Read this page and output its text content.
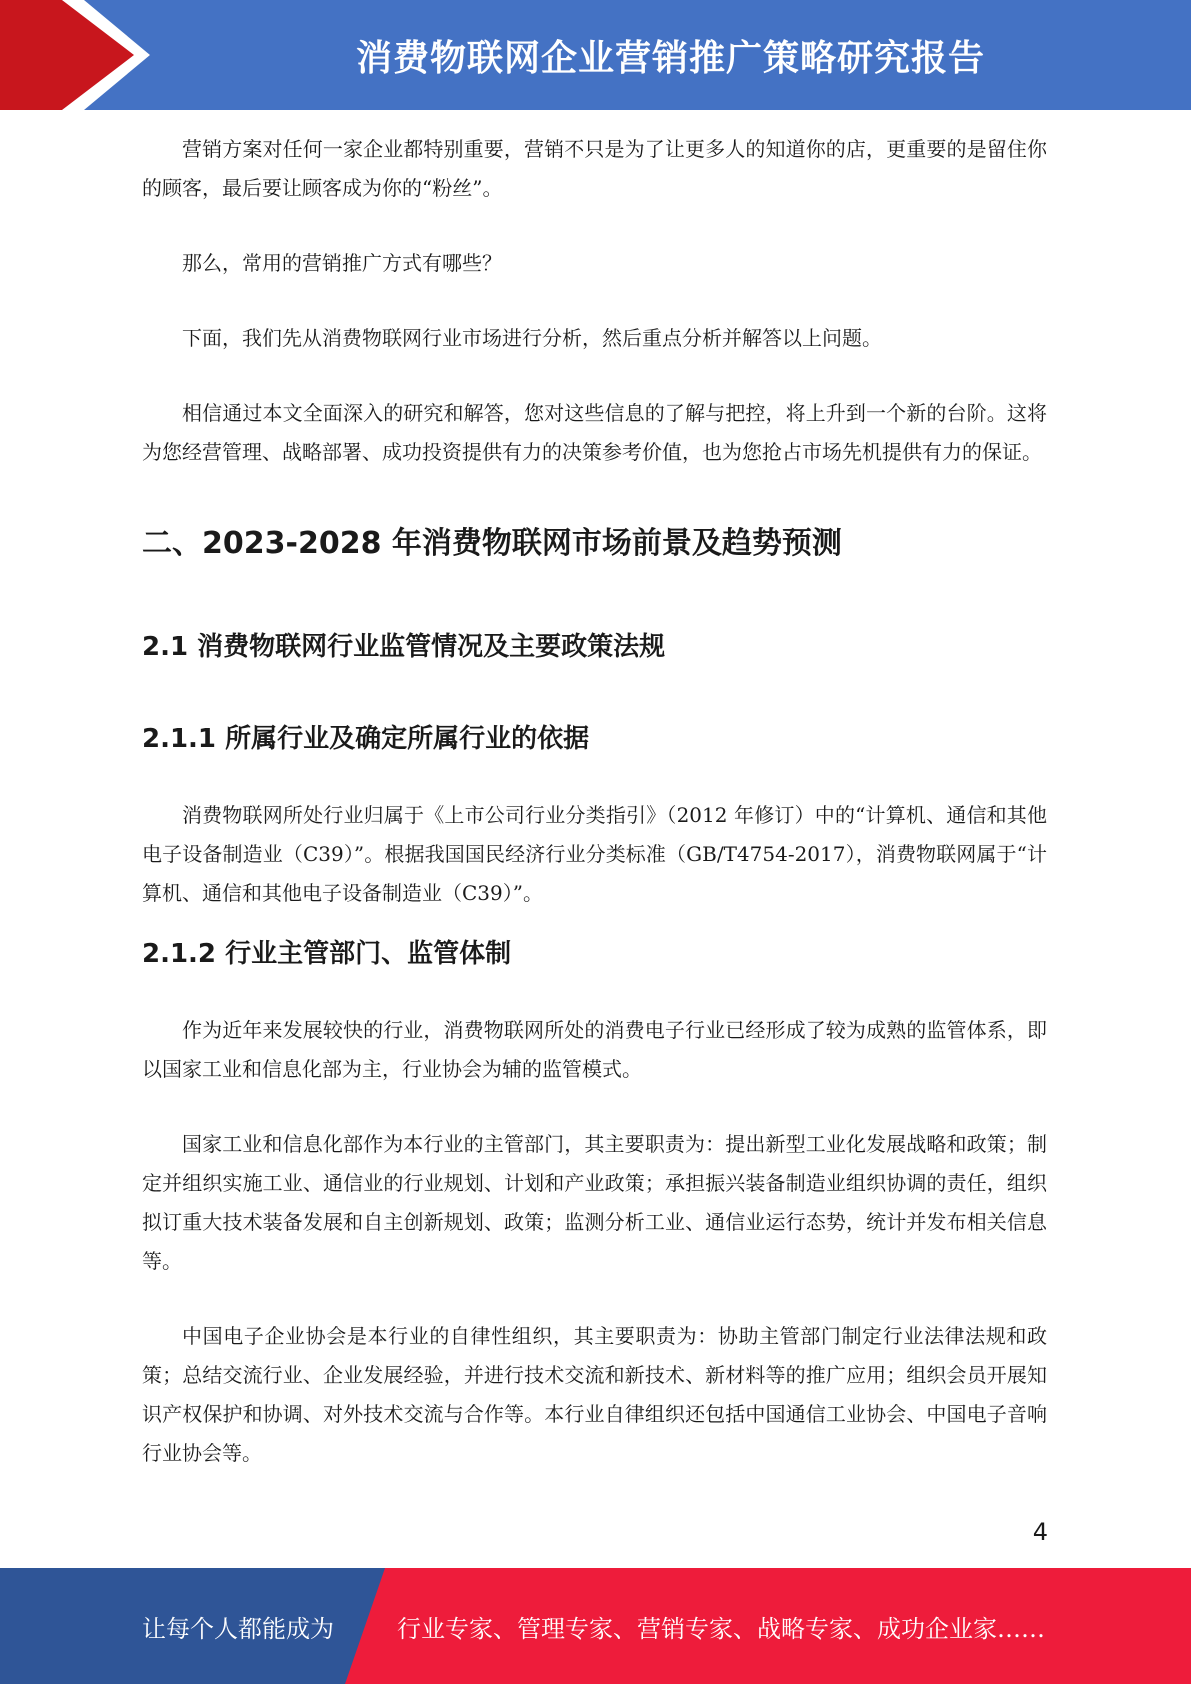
消费物联网企业营销推广策略研究报告

营销方案对任何一家企业都特别重要，营销不只是为了让更多人的知道你的店，更重要的是留住你的顾客，最后要让顾客成为你的“粉丝”。

那么，常用的营销推广方式有哪些？

下面，我们先从消费物联网行业市场进行分析，然后重点分析并解答以上问题。

相信通过本文全面深入的研究和解答，您对这些信息的了解与把控，将上升到一个新的台阶。这将为您经营管理、战略部署、成功投资提供有力的决策参考价值，也为您抢占市场先机提供有力的保证。

二、2023-2028 年消费物联网市场前景及趋势预测
2.1 消费物联网行业监管情况及主要政策法规
2.1.1 所属行业及确定所属行业的依据

消费物联网所处行业归属于《上市公司行业分类指引》（2012 年修订）中的“计算机、通信和其他电子设备制造业（C39）”。根据我国国民经济行业分类标准（GB/T4754-2017），消费物联网属于“计算机、通信和其他电子设备制造业（C39）”。

2.1.2 行业主管部门、监管体制

作为近年来发展较快的行业，消费物联网所处的消费电子行业已经形成了较为成熟的监管体系，即以国家工业和信息化部为主，行业协会为辅的监管模式。

国家工业和信息化部作为本行业的主管部门，其主要职责为：提出新型工业化发展战略和政策；制定并组织实施工业、通信业的行业规划、计划和产业政策；承担振兴装备制造业组织协调的责任，组织拟订重大技术装备发展和自主创新规划、政策；监测分析工业、通信业运行态势，统计并发布相关信息等。

中国电子企业协会是本行业的自律性组织，其主要职责为：协助主管部门制定行业法律法规和政策；总结交流行业、企业发展经验，并进行技术交流和新技术、新材料等的推广应用；组织会员开展知识产权保护和协调、对外技术交流与合作等。本行业自律组织还包括中国通信工业协会、中国电子音响行业协会等。

4
让每个人都能成为	行业专家、管理专家、营销专家、战略专家、成功企业家……
